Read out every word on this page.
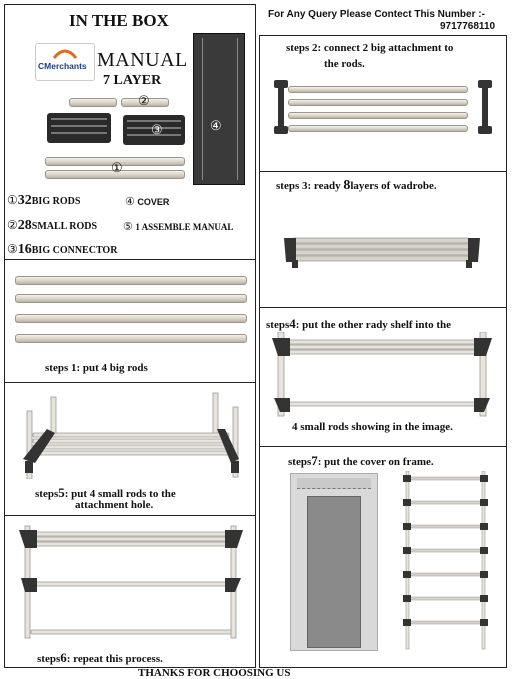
IN THE BOX
CMerchants MANUAL
7 LAYER
②
③
①
④
①32BIG RODS	④ COVER
②28SMALL RODS ⑤ 1 ASSEMBLE MANUAL
③16BIG CONNECTOR
For Any Query Please Contect This Number :-
9717768110
steps 2: connect 2 big attachment to
the rods.
steps 3: ready 8layers of wadrobe.
steps 1: put 4 big rods
steps4: put the other rady shelf into the
4 small rods showing in the image.
steps5: put 4 small rods to the
attachment hole.
steps7: put the cover on frame.
steps6: repeat this process.
THANKS FOR CHOOSING US
